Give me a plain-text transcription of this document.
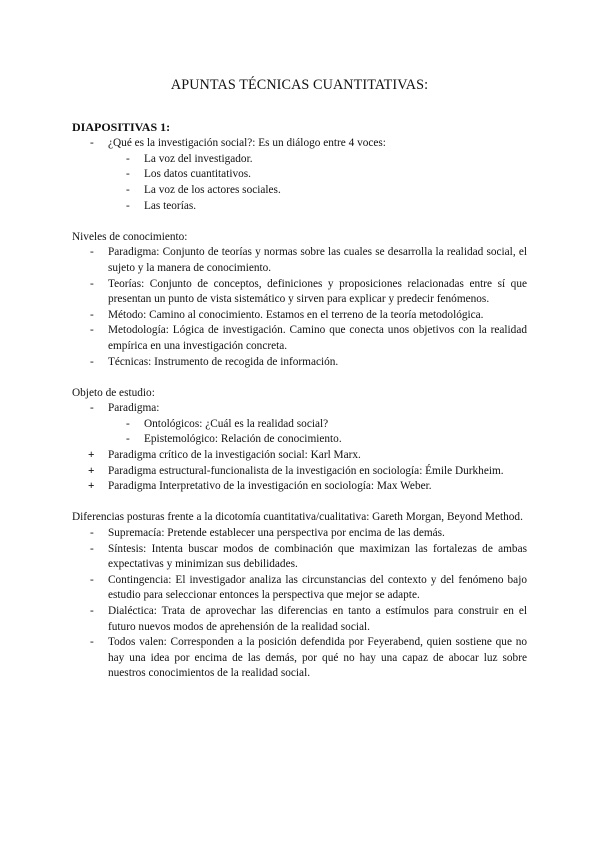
APUNTAS TÉCNICAS CUANTITATIVAS:
DIAPOSITIVAS 1:
-	¿Qué es la investigación social?: Es un diálogo entre 4 voces:
- La voz del investigador.
- Los datos cuantitativos.
- La voz de los actores sociales.
- Las teorías.
Niveles de conocimiento:
-	Paradigma: Conjunto de teorías y normas sobre las cuales se desarrolla la realidad social, el sujeto y la manera de conocimiento.
-	Teorías: Conjunto de conceptos, definiciones y proposiciones relacionadas entre sí que presentan un punto de vista sistemático y sirven para explicar y predecir fenómenos.
-	Método: Camino al conocimiento. Estamos en el terreno de la teoría metodológica.
-	Metodología: Lógica de investigación. Camino que conecta unos objetivos con la realidad empírica en una investigación concreta.
-	Técnicas: Instrumento de recogida de información.
Objeto de estudio:
-	Paradigma:
- Ontológicos: ¿Cuál es la realidad social?
- Epistemológico: Relación de conocimiento.
+	Paradigma crítico de la investigación social: Karl Marx.
+	Paradigma estructural-funcionalista de la investigación en sociología: Émile Durkheim.
+	Paradigma Interpretativo de la investigación en sociología: Max Weber.
Diferencias posturas frente a la dicotomía cuantitativa/cualitativa: Gareth Morgan, Beyond Method.
-	Supremacía: Pretende establecer una perspectiva por encima de las demás.
-	Síntesis: Intenta buscar modos de combinación que maximizan las fortalezas de ambas expectativas y minimizan sus debilidades.
-	Contingencia: El investigador analiza las circunstancias del contexto y del fenómeno bajo estudio para seleccionar entonces la perspectiva que mejor se adapte.
-	Dialéctica: Trata de aprovechar las diferencias en tanto a estímulos para construir en el futuro nuevos modos de aprehensión de la realidad social.
-	Todos valen: Corresponden a la posición defendida por Feyerabend, quien sostiene que no hay una idea por encima de las demás, por qué no hay una capaz de abocar luz sobre nuestros conocimientos de la realidad social.
